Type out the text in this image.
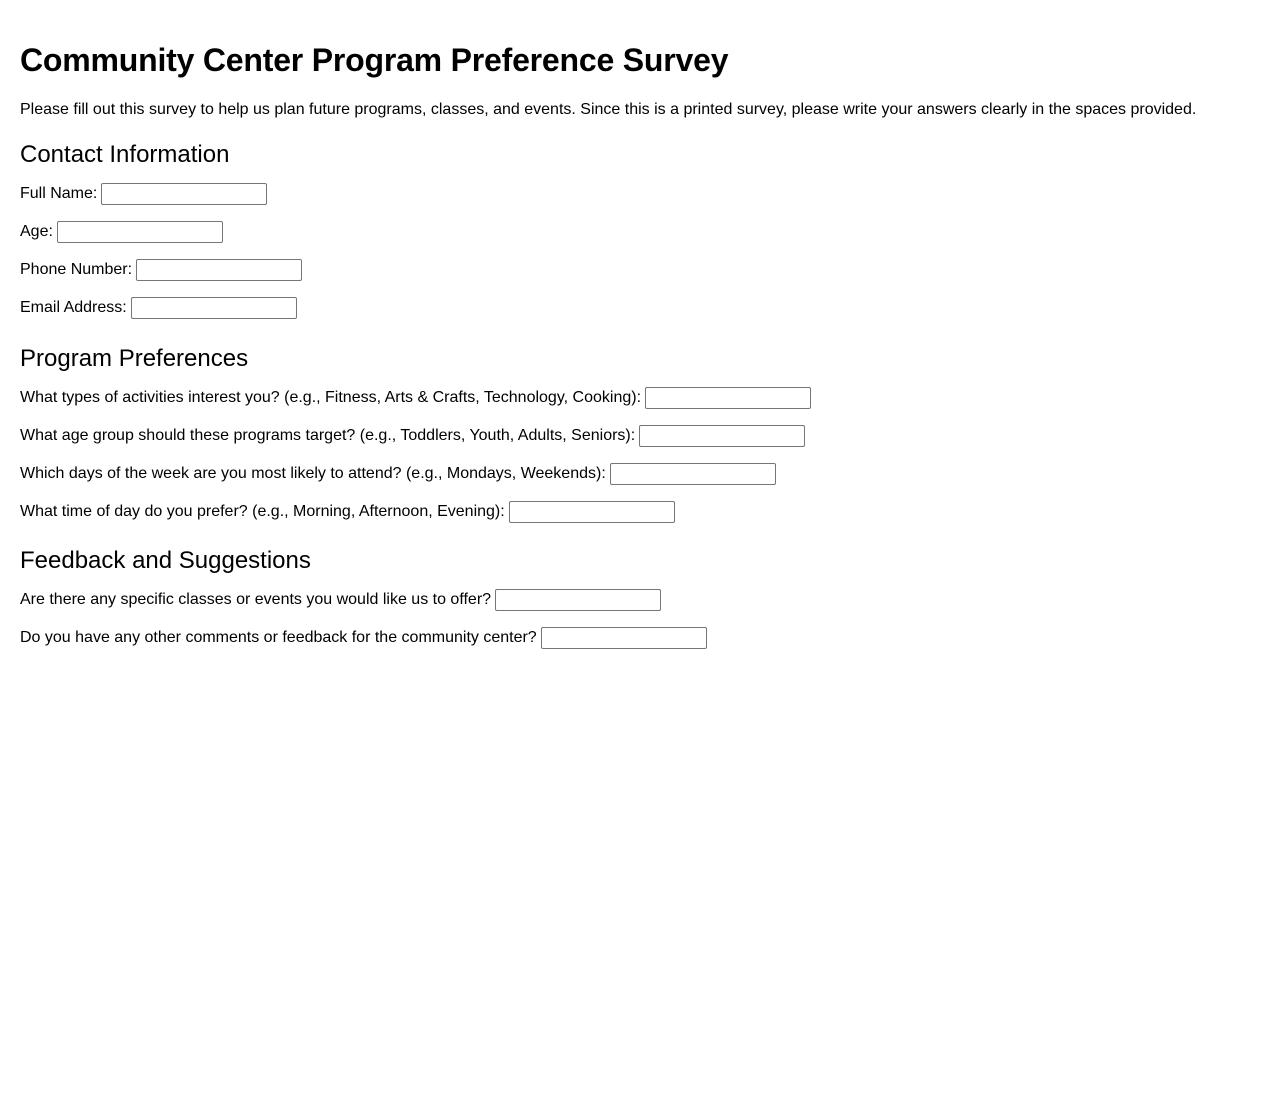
Community Center Program Preference Survey

Please fill out this survey to help us plan future programs, classes, and events. Since this is a printed survey, please write your answers clearly in the spaces provided.

Contact Information
Full Name:
Age:
Phone Number:
Email Address:
Program Preferences
What types of activities interest you? (e.g., Fitness, Arts & Crafts, Technology, Cooking):
What age group should these programs target? (e.g., Toddlers, Youth, Adults, Seniors):
Which days of the week are you most likely to attend? (e.g., Mondays, Weekends):
What time of day do you prefer? (e.g., Morning, Afternoon, Evening):
Feedback and Suggestions
Are there any specific classes or events you would like us to offer?
Do you have any other comments or feedback for the community center?
